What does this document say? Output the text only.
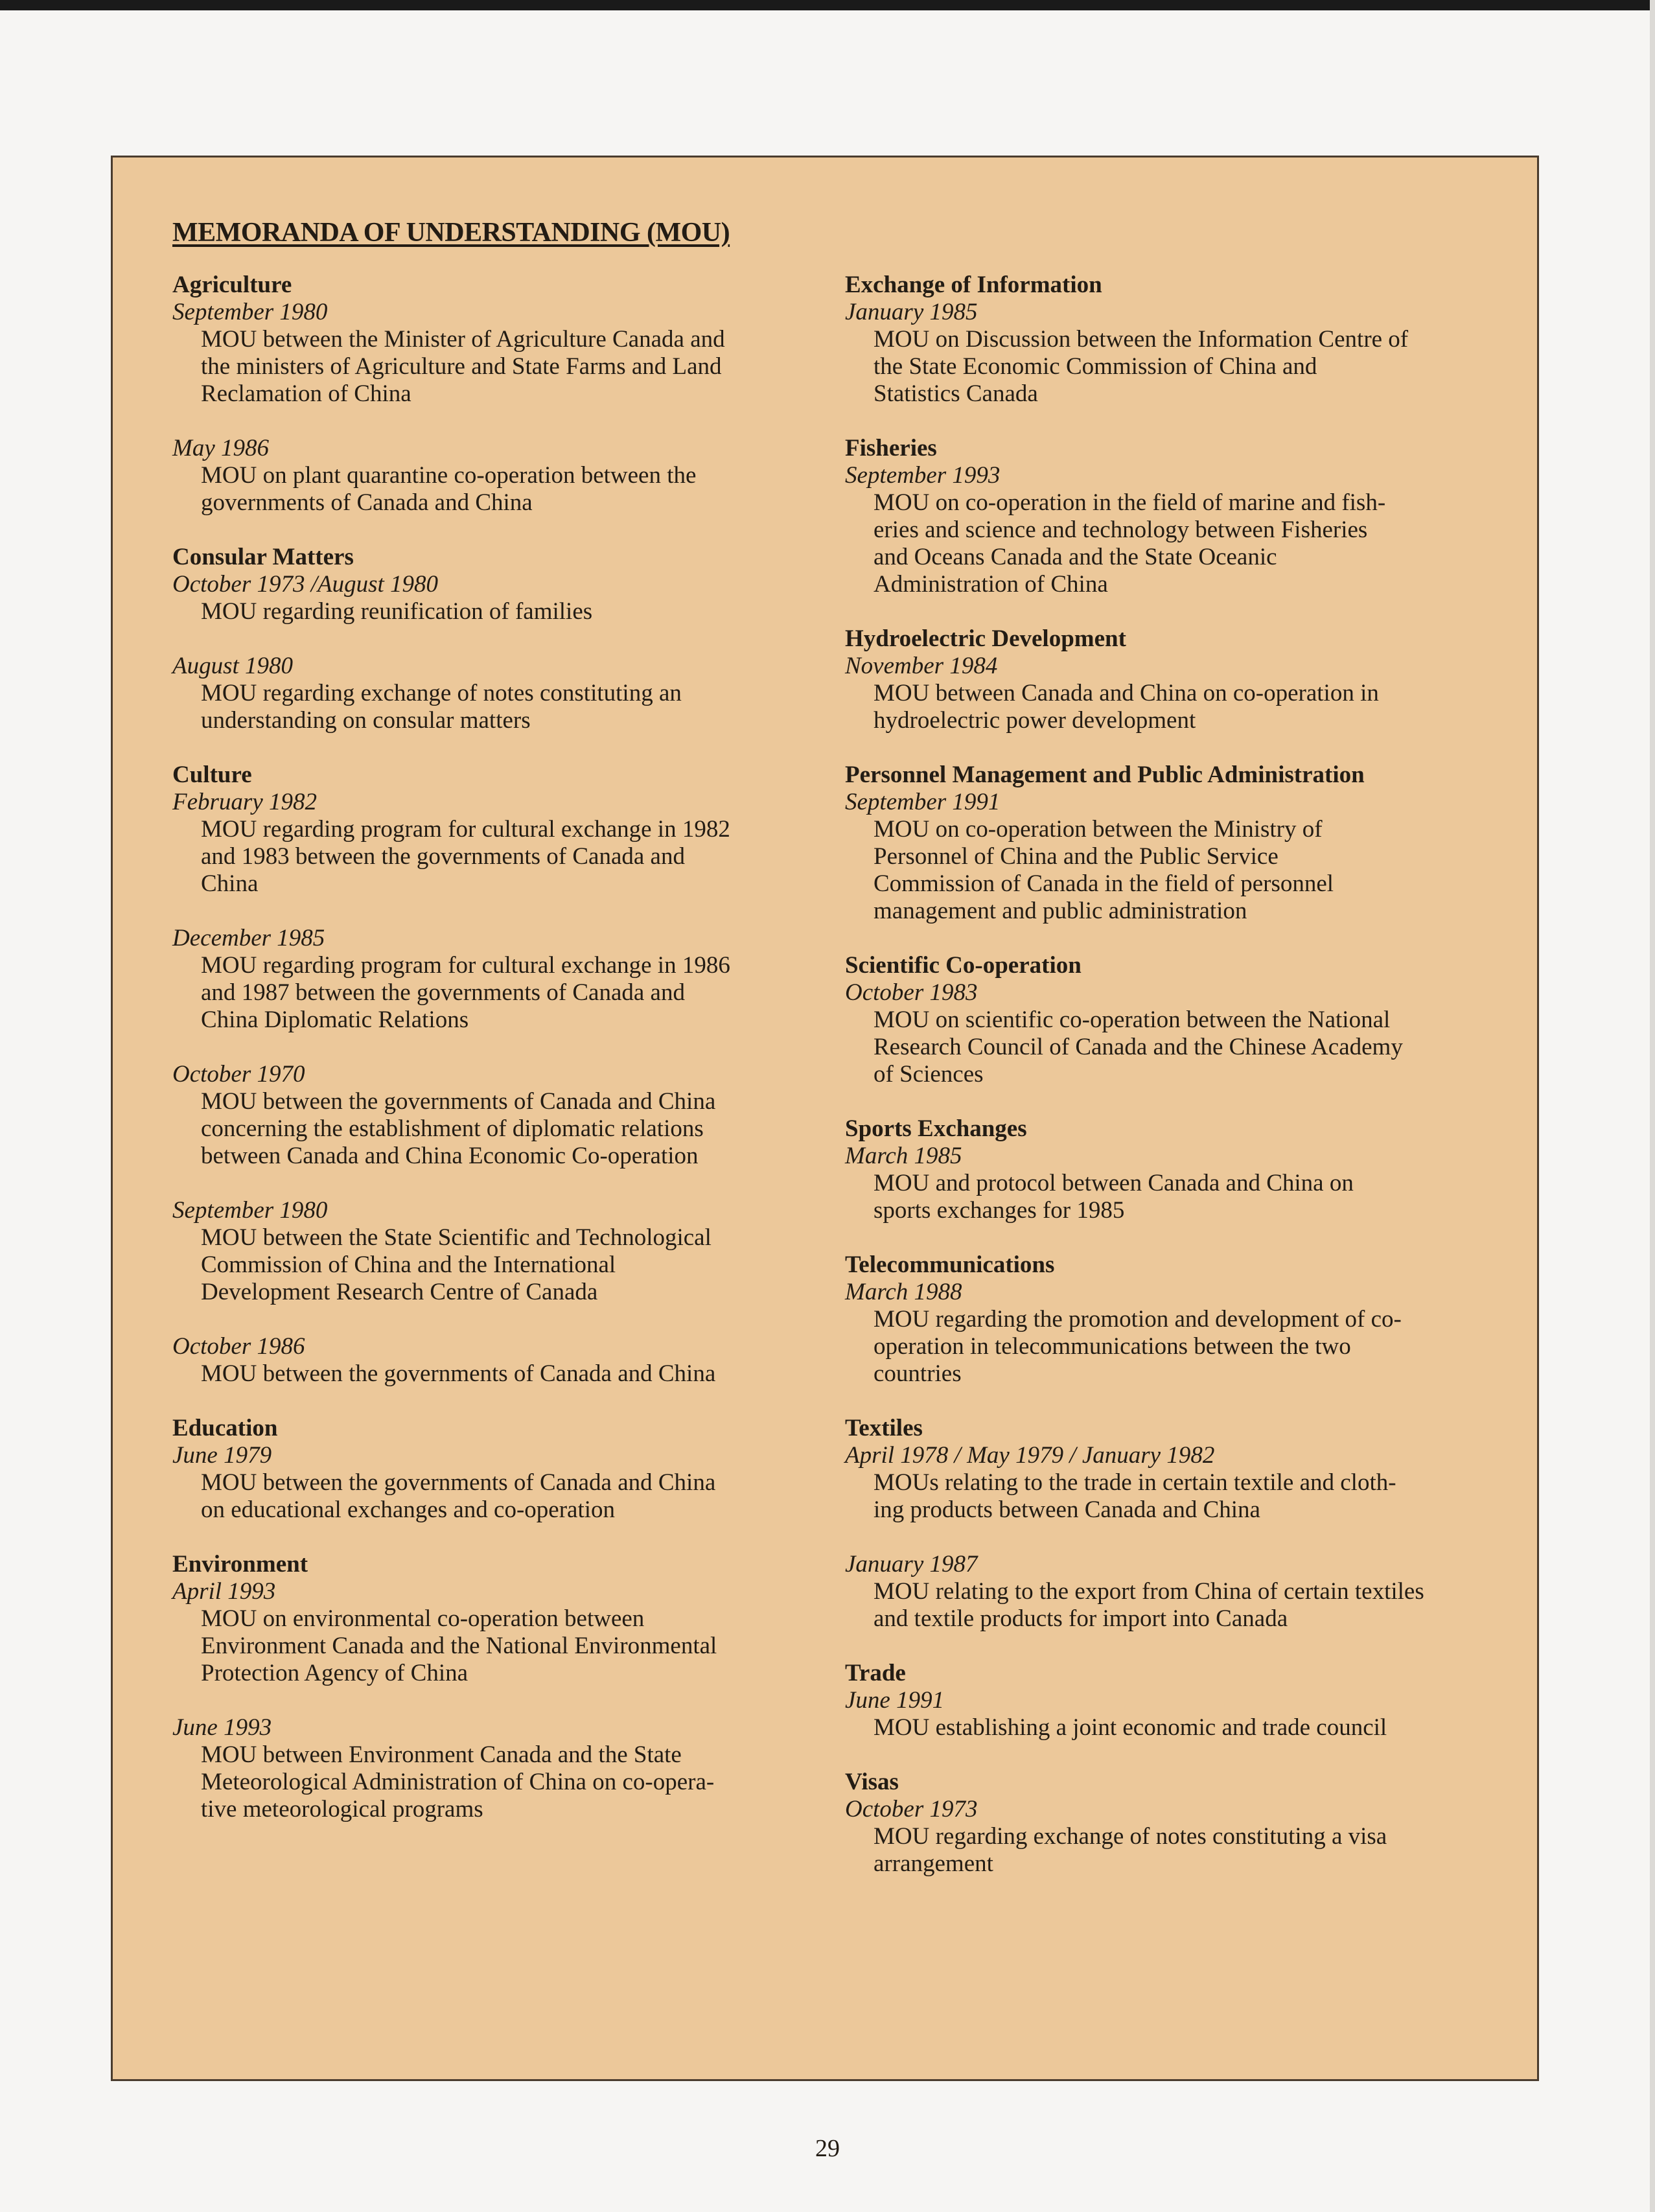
MEMORANDA OF UNDERSTANDING (MOU)
Agriculture
September 1980
MOU between the Minister of Agriculture Canada and
the ministers of Agriculture and State Farms and Land
Reclamation of China
May 1986
MOU on plant quarantine co-operation between the
governments of Canada and China
Consular Matters
October 1973 /August 1980
MOU regarding reunification of families
August 1980
MOU regarding exchange of notes constituting an
understanding on consular matters
Culture
February 1982
MOU regarding program for cultural exchange in 1982
and 1983 between the governments of Canada and
China
December 1985
MOU regarding program for cultural exchange in 1986
and 1987 between the governments of Canada and
China Diplomatic Relations
October 1970
MOU between the governments of Canada and China
concerning the establishment of diplomatic relations
between Canada and China Economic Co-operation
September 1980
MOU between the State Scientific and Technological
Commission of China and the International
Development Research Centre of Canada
October 1986
MOU between the governments of Canada and China
Education
June 1979
MOU between the governments of Canada and China
on educational exchanges and co-operation
Environment
April 1993
MOU on environmental co-operation between
Environment Canada and the National Environmental
Protection Agency of China
June 1993
MOU between Environment Canada and the State
Meteorological Administration of China on co-opera-
tive meteorological programs
Exchange of Information
January 1985
MOU on Discussion between the Information Centre of
the State Economic Commission of China and
Statistics Canada
Fisheries
September 1993
MOU on co-operation in the field of marine and fish-
eries and science and technology between Fisheries
and Oceans Canada and the State Oceanic
Administration of China
Hydroelectric Development
November 1984
MOU between Canada and China on co-operation in
hydroelectric power development
Personnel Management and Public Administration
September 1991
MOU on co-operation between the Ministry of
Personnel of China and the Public Service
Commission of Canada in the field of personnel
management and public administration
Scientific Co-operation
October 1983
MOU on scientific co-operation between the National
Research Council of Canada and the Chinese Academy
of Sciences
Sports Exchanges
March 1985
MOU and protocol between Canada and China on
sports exchanges for 1985
Telecommunications
March 1988
MOU regarding the promotion and development of co-
operation in telecommunications between the two
countries
Textiles
April 1978 / May 1979 / January 1982
MOUs relating to the trade in certain textile and cloth-
ing products between Canada and China
January 1987
MOU relating to the export from China of certain textiles
and textile products for import into Canada
Trade
June 1991
MOU establishing a joint economic and trade council
Visas
October 1973
MOU regarding exchange of notes constituting a visa
arrangement
29
